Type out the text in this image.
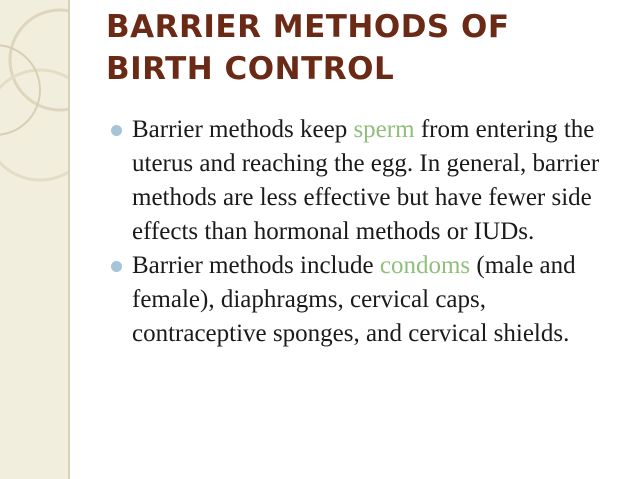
BARRIER METHODS OF BIRTH CONTROL
Barrier methods keep sperm from entering the uterus and reaching the egg. In general, barrier methods are less effective but have fewer side effects than hormonal methods or IUDs.
Barrier methods include condoms (male and female), diaphragms, cervical caps, contraceptive sponges, and cervical shields.
